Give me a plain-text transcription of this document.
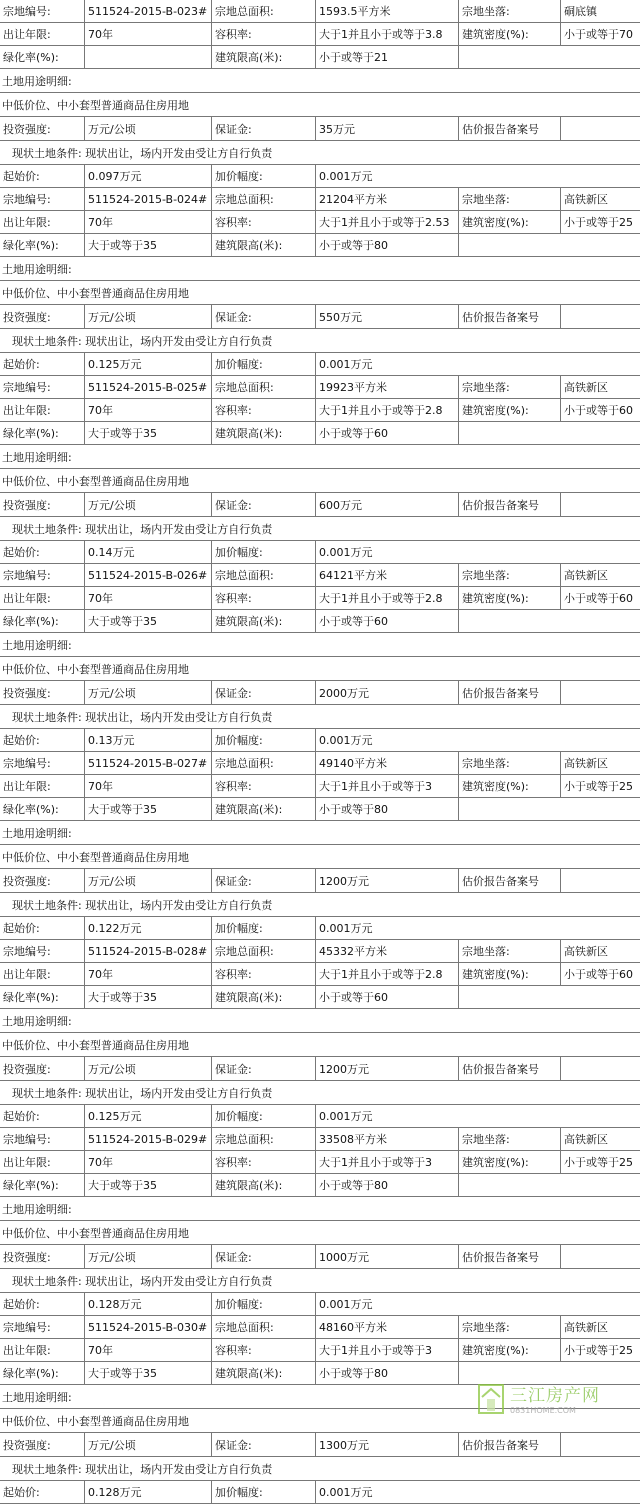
宗地编号:	511524-2015-B-023# 宗地总面积:	1593.5平方米	宗地坐落:	硐底镇
出让年限:	70年	容积率:	大于1并且小于或等于3.8	建筑密度(%):	小于或等于70
绿化率(%):	建筑限高(米):	小于或等于21
土地用途明细:
中低价位、中小套型普通商品住房用地
投资强度:	万元/公顷	保证金:	35万元	估价报告备案号
现状土地条件: 现状出让，场内开发由受让方自行负责
起始价:	0.097万元	加价幅度:	0.001万元
宗地编号:	511524-2015-B-024# 宗地总面积:	21204平方米	宗地坐落:	高铁新区
出让年限:	70年	容积率:	大于1并且小于或等于2.53	建筑密度(%):	小于或等于25
绿化率(%):	大于或等于35	建筑限高(米):	小于或等于80
土地用途明细:
中低价位、中小套型普通商品住房用地
投资强度:	万元/公顷	保证金:	550万元	估价报告备案号
现状土地条件: 现状出让，场内开发由受让方自行负责
起始价:	0.125万元	加价幅度:	0.001万元
宗地编号:	511524-2015-B-025# 宗地总面积:	19923平方米	宗地坐落:	高铁新区
出让年限:	70年	容积率:	大于1并且小于或等于2.8	建筑密度(%):	小于或等于60
绿化率(%):	大于或等于35	建筑限高(米):	小于或等于60
土地用途明细:
中低价位、中小套型普通商品住房用地
投资强度:	万元/公顷	保证金:	600万元	估价报告备案号
现状土地条件: 现状出让，场内开发由受让方自行负责
起始价:	0.14万元	加价幅度:	0.001万元
宗地编号:	511524-2015-B-026# 宗地总面积:	64121平方米	宗地坐落:	高铁新区
出让年限:	70年	容积率:	大于1并且小于或等于2.8	建筑密度(%):	小于或等于60
绿化率(%):	大于或等于35	建筑限高(米):	小于或等于60
土地用途明细:
中低价位、中小套型普通商品住房用地
投资强度:	万元/公顷	保证金:	2000万元	估价报告备案号
现状土地条件: 现状出让，场内开发由受让方自行负责
起始价:	0.13万元	加价幅度:	0.001万元
宗地编号:	511524-2015-B-027# 宗地总面积:	49140平方米	宗地坐落:	高铁新区
出让年限:	70年	容积率:	大于1并且小于或等于3	建筑密度(%):	小于或等于25
绿化率(%):	大于或等于35	建筑限高(米):	小于或等于80
土地用途明细:
中低价位、中小套型普通商品住房用地
投资强度:	万元/公顷	保证金:	1200万元	估价报告备案号
现状土地条件: 现状出让，场内开发由受让方自行负责
起始价:	0.122万元	加价幅度:	0.001万元
宗地编号:	511524-2015-B-028# 宗地总面积:	45332平方米	宗地坐落:	高铁新区
出让年限:	70年	容积率:	大于1并且小于或等于2.8	建筑密度(%):	小于或等于60
绿化率(%):	大于或等于35	建筑限高(米):	小于或等于60
土地用途明细:
中低价位、中小套型普通商品住房用地
投资强度:	万元/公顷	保证金:	1200万元	估价报告备案号
现状土地条件: 现状出让，场内开发由受让方自行负责
起始价:	0.125万元	加价幅度:	0.001万元
宗地编号:	511524-2015-B-029# 宗地总面积:	33508平方米	宗地坐落:	高铁新区
出让年限:	70年	容积率:	大于1并且小于或等于3	建筑密度(%):	小于或等于25
绿化率(%):	大于或等于35	建筑限高(米):	小于或等于80
土地用途明细:
中低价位、中小套型普通商品住房用地
投资强度:	万元/公顷	保证金:	1000万元	估价报告备案号
现状土地条件: 现状出让，场内开发由受让方自行负责
起始价:	0.128万元	加价幅度:	0.001万元
宗地编号:	511524-2015-B-030# 宗地总面积:	48160平方米	宗地坐落:	高铁新区
出让年限:	70年	容积率:	大于1并且小于或等于3	建筑密度(%):	小于或等于25
绿化率(%):	大于或等于35	建筑限高(米):	小于或等于80
土地用途明细:
中低价位、中小套型普通商品住房用地
投资强度:	万元/公顷	保证金:	1300万元	估价报告备案号
现状土地条件: 现状出让，场内开发由受让方自行负责
起始价:	0.128万元	加价幅度:	0.001万元
三江房产网
0831HOME.COM
